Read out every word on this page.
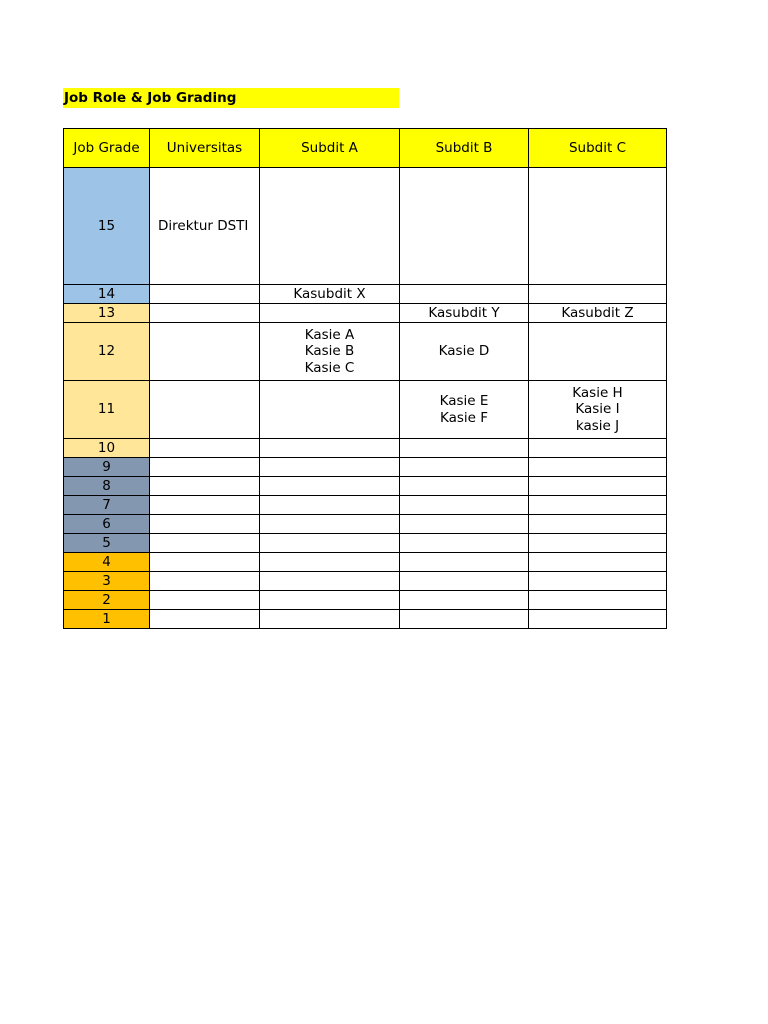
Job Role & Job Grading
Job Grade	Universitas	Subdit A	Subdit B	Subdit C
15	Direktur DSTI			

14		Kasubdit X		

13			Kasubdit Y	Kasubdit Z

12		Kasie A
Kasie B
Kasie C	Kasie D	

11			Kasie E
Kasie F	Kasie H
Kasie I
kasie J

10	

9	

8	

7	

6	

5	

4	

3	

2	

1	
